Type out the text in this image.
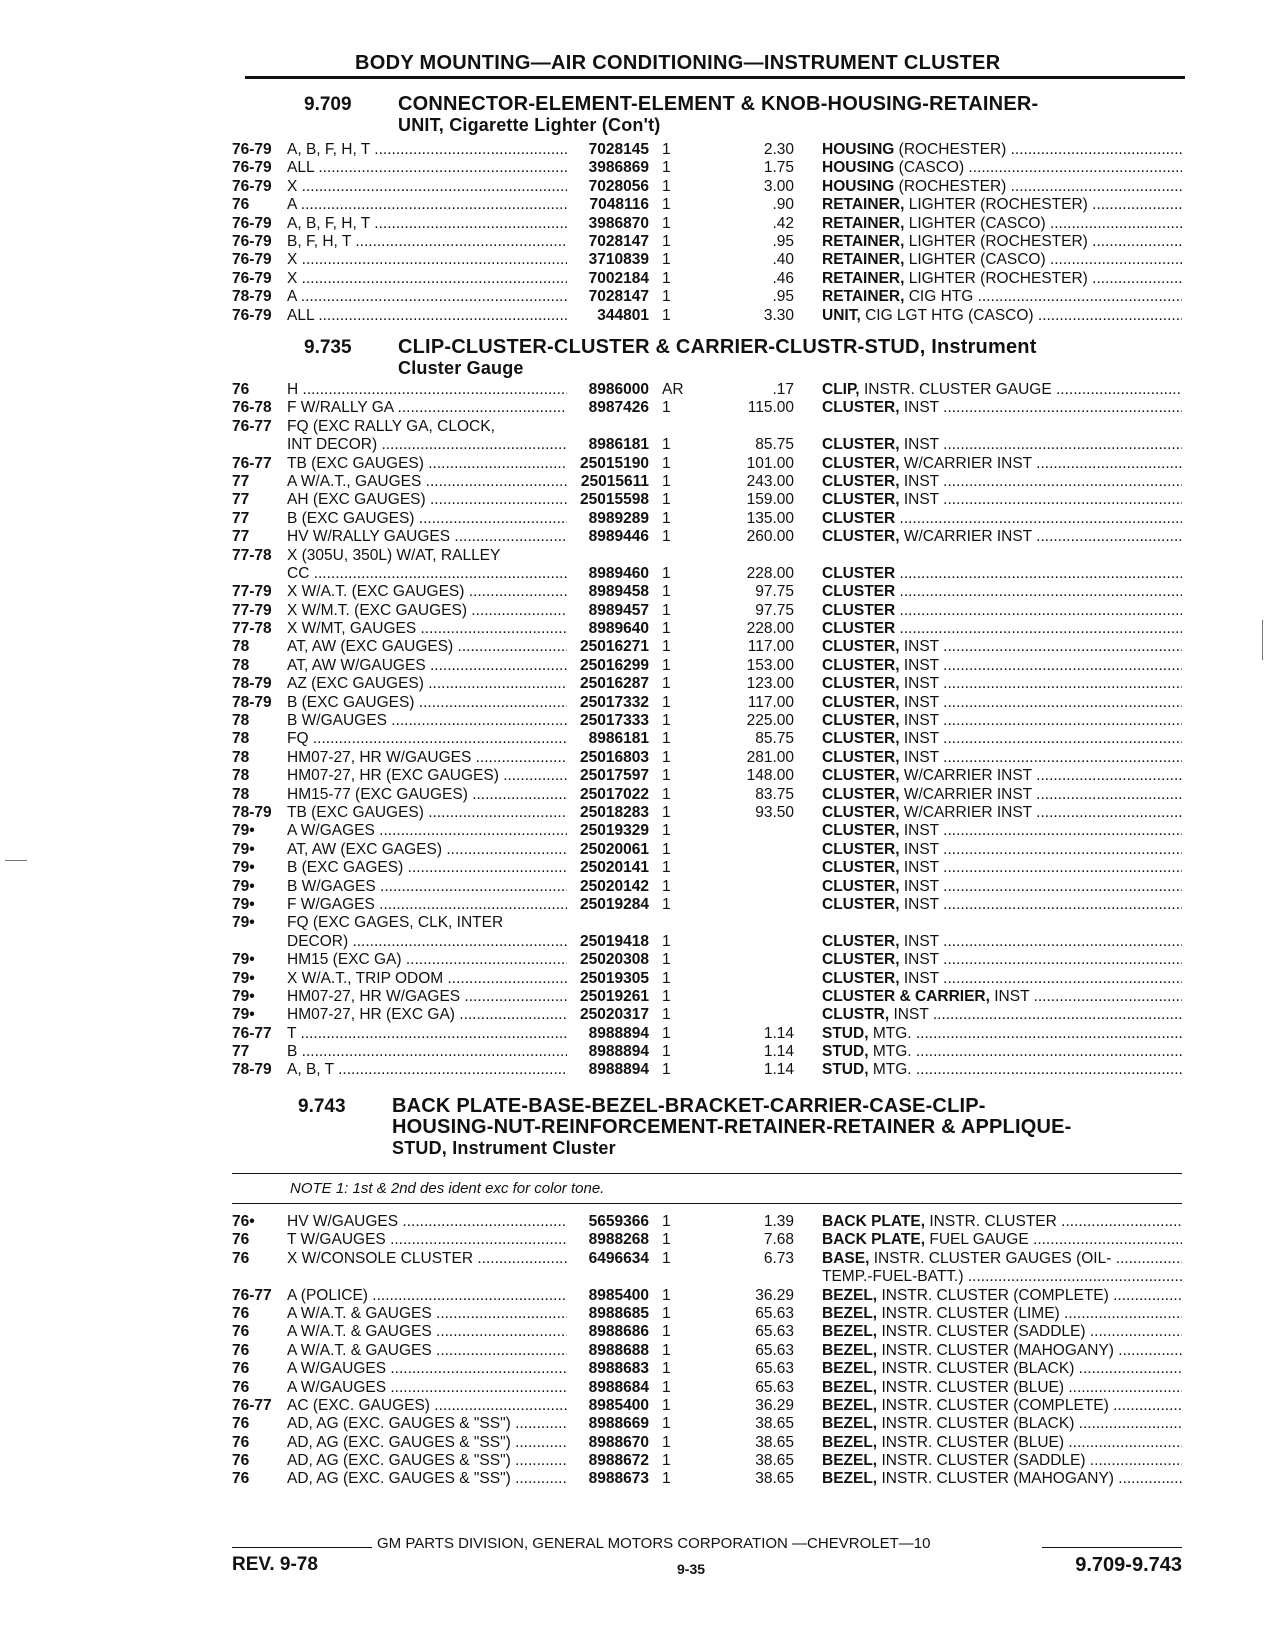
BODY MOUNTING—AIR CONDITIONING—INSTRUMENT CLUSTER
9.709 CONNECTOR-ELEMENT-ELEMENT & KNOB-HOUSING-RETAINER-
UNIT, Cigarette Lighter (Con't)
76-79 A, B, F, H, T .....	7028145 1	2.30 HOUSING (ROCHESTER) .....
76-79 ALL .....	3986869 1	1.75 HOUSING (CASCO) .....
76-79 X .....	7028056 1	3.00 HOUSING (ROCHESTER) .....
76	A .....	7048116 1	.90 RETAINER, LIGHTER (ROCHESTER) .....
76-79 A, B, F, H, T .....	3986870 1	.42 RETAINER, LIGHTER (CASCO) .....
76-79 B, F, H, T .....	7028147 1	.95 RETAINER, LIGHTER (ROCHESTER) .....
76-79 X .....	3710839 1	.40 RETAINER, LIGHTER (CASCO) .....
76-79 X .....	7002184 1	.46 RETAINER, LIGHTER (ROCHESTER) .....
78-79 A .....	7028147 1	.95 RETAINER, CIG HTG .....
76-79 ALL .....	344801 1	3.30 UNIT, CIG LGT HTG (CASCO) .....
9.735 CLIP-CLUSTER-CLUSTER & CARRIER-CLUSTR-STUD, Instrument
Cluster Gauge
76	H .....	8986000 AR	.17 CLIP, INSTR. CLUSTER GAUGE .....
76-78 F W/RALLY GA .....	8987426 1	115.00 CLUSTER, INST .....
76-77 FQ (EXC RALLY GA, CLOCK,
INT DECOR) .....	8986181 1	85.75 CLUSTER, INST .....
76-77 TB (EXC GAUGES) .....	25015190 1	101.00 CLUSTER, W/CARRIER INST .....
77	A W/A.T., GAUGES .....	25015611 1	243.00 CLUSTER, INST .....
77	AH (EXC GAUGES) .....	25015598 1	159.00 CLUSTER, INST .....
77	B (EXC GAUGES) .....	8989289 1	135.00 CLUSTER .....
77	HV W/RALLY GAUGES .....	8989446 1	260.00 CLUSTER, W/CARRIER INST .....
77-78 X (305U, 350L) W/AT, RALLEY
CC .....	8989460 1	228.00 CLUSTER .....
77-79 X W/A.T. (EXC GAUGES) .....	8989458 1	97.75 CLUSTER .....
77-79 X W/M.T. (EXC GAUGES) .....	8989457 1	97.75 CLUSTER .....
77-78 X W/MT, GAUGES .....	8989640 1	228.00 CLUSTER .....
78	AT, AW (EXC GAUGES) .....	25016271 1	117.00 CLUSTER, INST .....
78	AT, AW W/GAUGES .....	25016299 1	153.00 CLUSTER, INST .....
78-79 AZ (EXC GAUGES) .....	25016287 1	123.00 CLUSTER, INST .....
78-79 B (EXC GAUGES) .....	25017332 1	117.00 CLUSTER, INST .....
78	B W/GAUGES .....	25017333 1	225.00 CLUSTER, INST .....
78	FQ .....	8986181 1	85.75 CLUSTER, INST .....
78	HM07-27, HR W/GAUGES .....	25016803 1	281.00 CLUSTER, INST .....
78	HM07-27, HR (EXC GAUGES) .....	25017597 1	148.00 CLUSTER, W/CARRIER INST .....
78	HM15-77 (EXC GAUGES) .....	25017022 1	83.75 CLUSTER, W/CARRIER INST .....
78-79 TB (EXC GAUGES) .....	25018283 1	93.50 CLUSTER, W/CARRIER INST .....
79•	A W/GAGES .....	25019329 1	CLUSTER, INST .....
79•	AT, AW (EXC GAGES) .....	25020061 1	CLUSTER, INST .....
79•	B (EXC GAGES) .....	25020141 1	CLUSTER, INST .....
79•	B W/GAGES .....	25020142 1	CLUSTER, INST .....
79•	F W/GAGES .....	25019284 1	CLUSTER, INST .....
79•	FQ (EXC GAGES, CLK, INTER
DECOR) .....	25019418 1	CLUSTER, INST .....
79•	HM15 (EXC GA) .....	25020308 1	CLUSTER, INST .....
79•	X W/A.T., TRIP ODOM .....	25019305 1	CLUSTER, INST .....
79•	HM07-27, HR W/GAGES .....	25019261 1	CLUSTER & CARRIER, INST .....
79•	HM07-27, HR (EXC GA) .....	25020317 1	CLUSTR, INST .....
76-77 T .....	8988894 1	1.14 STUD, MTG. .....
77	B .....	8988894 1	1.14 STUD, MTG. .....
78-79 A, B, T .....	8988894 1	1.14 STUD, MTG. .....
9.743 BACK PLATE-BASE-BEZEL-BRACKET-CARRIER-CASE-CLIP-
HOUSING-NUT-REINFORCEMENT-RETAINER-RETAINER & APPLIQUE-
STUD, Instrument Cluster
NOTE 1: 1st & 2nd des ident exc for color tone.
76•	HV W/GAUGES .....	5659366 1	1.39 BACK PLATE, INSTR. CLUSTER .....
76	T W/GAUGES .....	8988268 1	7.68 BACK PLATE, FUEL GAUGE .....
76	X W/CONSOLE CLUSTER .....	6496634 1	6.73 BASE, INSTR. CLUSTER GAUGES (OIL- .....
TEMP.-FUEL-BATT.) .....
76-77 A (POLICE) .....	8985400 1	36.29 BEZEL, INSTR. CLUSTER (COMPLETE) .....
76	A W/A.T. & GAUGES .....	8988685 1	65.63 BEZEL, INSTR. CLUSTER (LIME) .....
76	A W/A.T. & GAUGES .....	8988686 1	65.63 BEZEL, INSTR. CLUSTER (SADDLE) .....
76	A W/A.T. & GAUGES .....	8988688 1	65.63 BEZEL, INSTR. CLUSTER (MAHOGANY) .....
76	A W/GAUGES .....	8988683 1	65.63 BEZEL, INSTR. CLUSTER (BLACK) .....
76	A W/GAUGES .....	8988684 1	65.63 BEZEL, INSTR. CLUSTER (BLUE) .....
76-77 AC (EXC. GAUGES) .....	8985400 1	36.29 BEZEL, INSTR. CLUSTER (COMPLETE) .....
76	AD, AG (EXC. GAUGES & "SS") .....	8988669 1	38.65 BEZEL, INSTR. CLUSTER (BLACK) .....
76	AD, AG (EXC. GAUGES & "SS") .....	8988670 1	38.65 BEZEL, INSTR. CLUSTER (BLUE) .....
76	AD, AG (EXC. GAUGES & "SS") .....	8988672 1	38.65 BEZEL, INSTR. CLUSTER (SADDLE) .....
76	AD, AG (EXC. GAUGES & "SS") .....	8988673 1	38.65 BEZEL, INSTR. CLUSTER (MAHOGANY) .....
GM PARTS DIVISION, GENERAL MOTORS CORPORATION —CHEVROLET—10
REV. 9-78	9-35	9.709-9.743
